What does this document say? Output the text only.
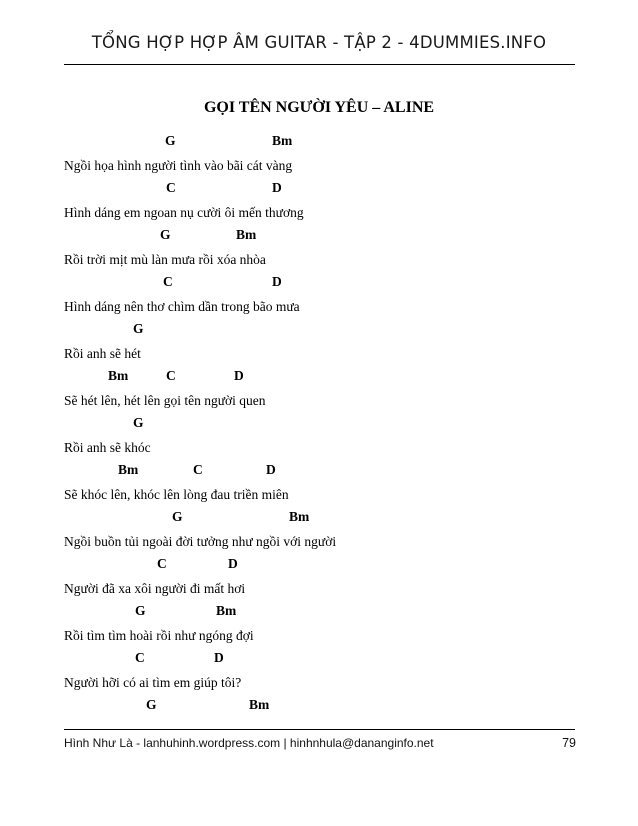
TỔNG HỢP HỢP ÂM GUITAR - TẬP 2 - 4DUMMIES.INFO
GỌI TÊN NGƯỜI YÊU – ALINE
G	Bm
Ngồi họa hình người tình vào bãi cát vàng
C	D
Hình dáng em ngoan nụ cười ôi mến thương
G	Bm
Rồi trời mịt mù làn mưa rồi xóa nhòa
C	D
Hình dáng nên thơ chìm dần trong bão mưa
G
Rồi anh sẽ hét
Bm	C	D
Sẽ hét lên, hét lên gọi tên người quen
G
Rồi anh sẽ khóc
Bm	C	D
Sẽ khóc lên, khóc lên lòng đau triền miên
G	Bm
Ngồi buồn tủi ngoài đời tưởng như ngồi với người
C	D
Người đã xa xôi người đi mất hơi
G	Bm
Rồi tìm tìm hoài rồi như ngóng đợi
C	D
Người hỡi có ai tìm em giúp tôi?
G	Bm
Hình Như Là - lanhuhinh.wordpress.com | hinhnhula@dananginfo.net	79
